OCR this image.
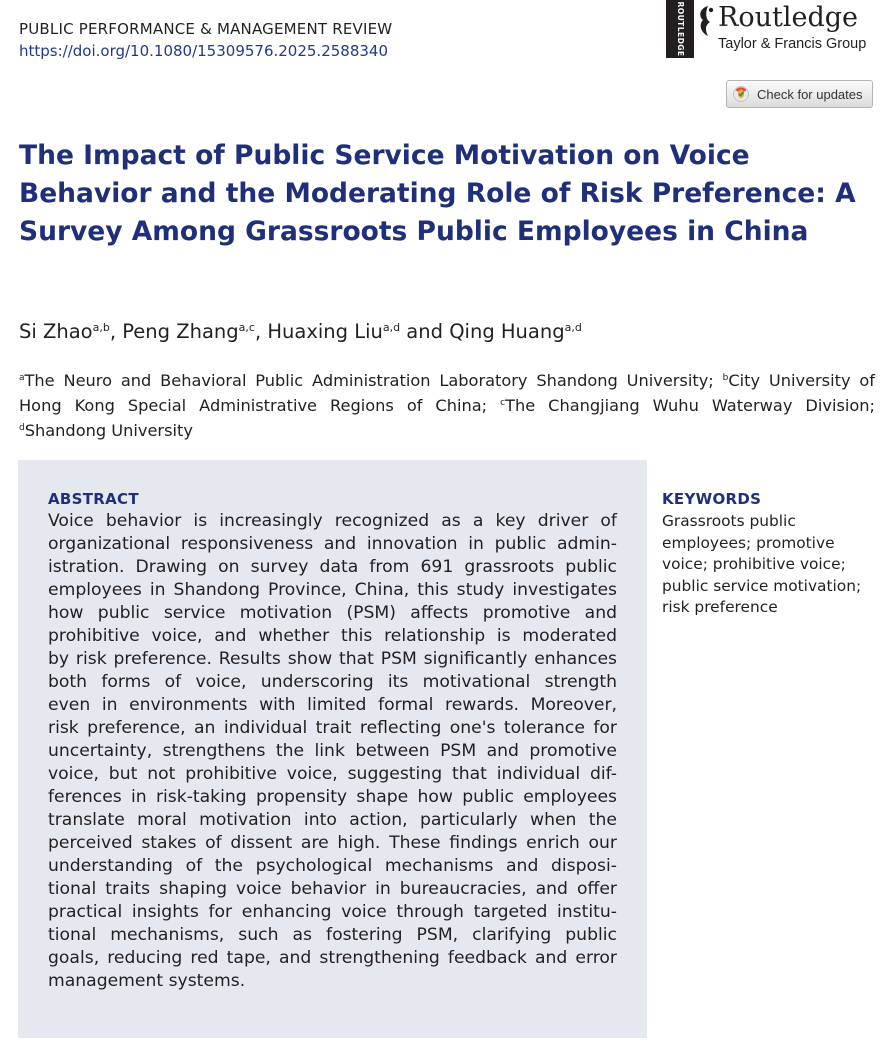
PUBLIC PERFORMANCE & MANAGEMENT REVIEW
https://doi.org/10.1080/15309576.2025.2588340	ROUTLEDGE Routledge
Taylor & Francis Group
Check for updates
The Impact of Public Service Motivation on Voice Behavior and the Moderating Role of Risk Preference: A Survey Among Grassroots Public Employees in China
Si Zhao$^{a,b}$, Peng Zhang$^{a,c}$, Huaxing Liu$^{a,d}$ and Qing Huang$^{a,d}$
$^a$The Neuro and Behavioral Public Administration Laboratory Shandong University; $^b$City University of Hong Kong Special Administrative Regions of China; $^c$The Changjiang Wuhu Waterway Division; $^d$Shandong University
ABSTRACT
Voice behavior is increasingly recognized as a key driver of
organizational responsiveness and innovation in public admin-
istration. Drawing on survey data from 691 grassroots public
employees in Shandong Province, China, this study investigates
how public service motivation (PSM) affects promotive and
prohibitive voice, and whether this relationship is moderated
by risk preference. Results show that PSM significantly enhances
both forms of voice, underscoring its motivational strength
even in environments with limited formal rewards. Moreover,
risk preference, an individual trait reflecting one's tolerance for
uncertainty, strengthens the link between PSM and promotive
voice, but not prohibitive voice, suggesting that individual dif-
ferences in risk-taking propensity shape how public employees
translate moral motivation into action, particularly when the
perceived stakes of dissent are high. These findings enrich our
understanding of the psychological mechanisms and disposi-
tional traits shaping voice behavior in bureaucracies, and offer
practical insights for enhancing voice through targeted institu-
tional mechanisms, such as fostering PSM, clarifying public
goals, reducing red tape, and strengthening feedback and error
management systems.
KEYWORDS
Grassroots public employees; promotive voice; prohibitive voice; public service motivation; risk preference
